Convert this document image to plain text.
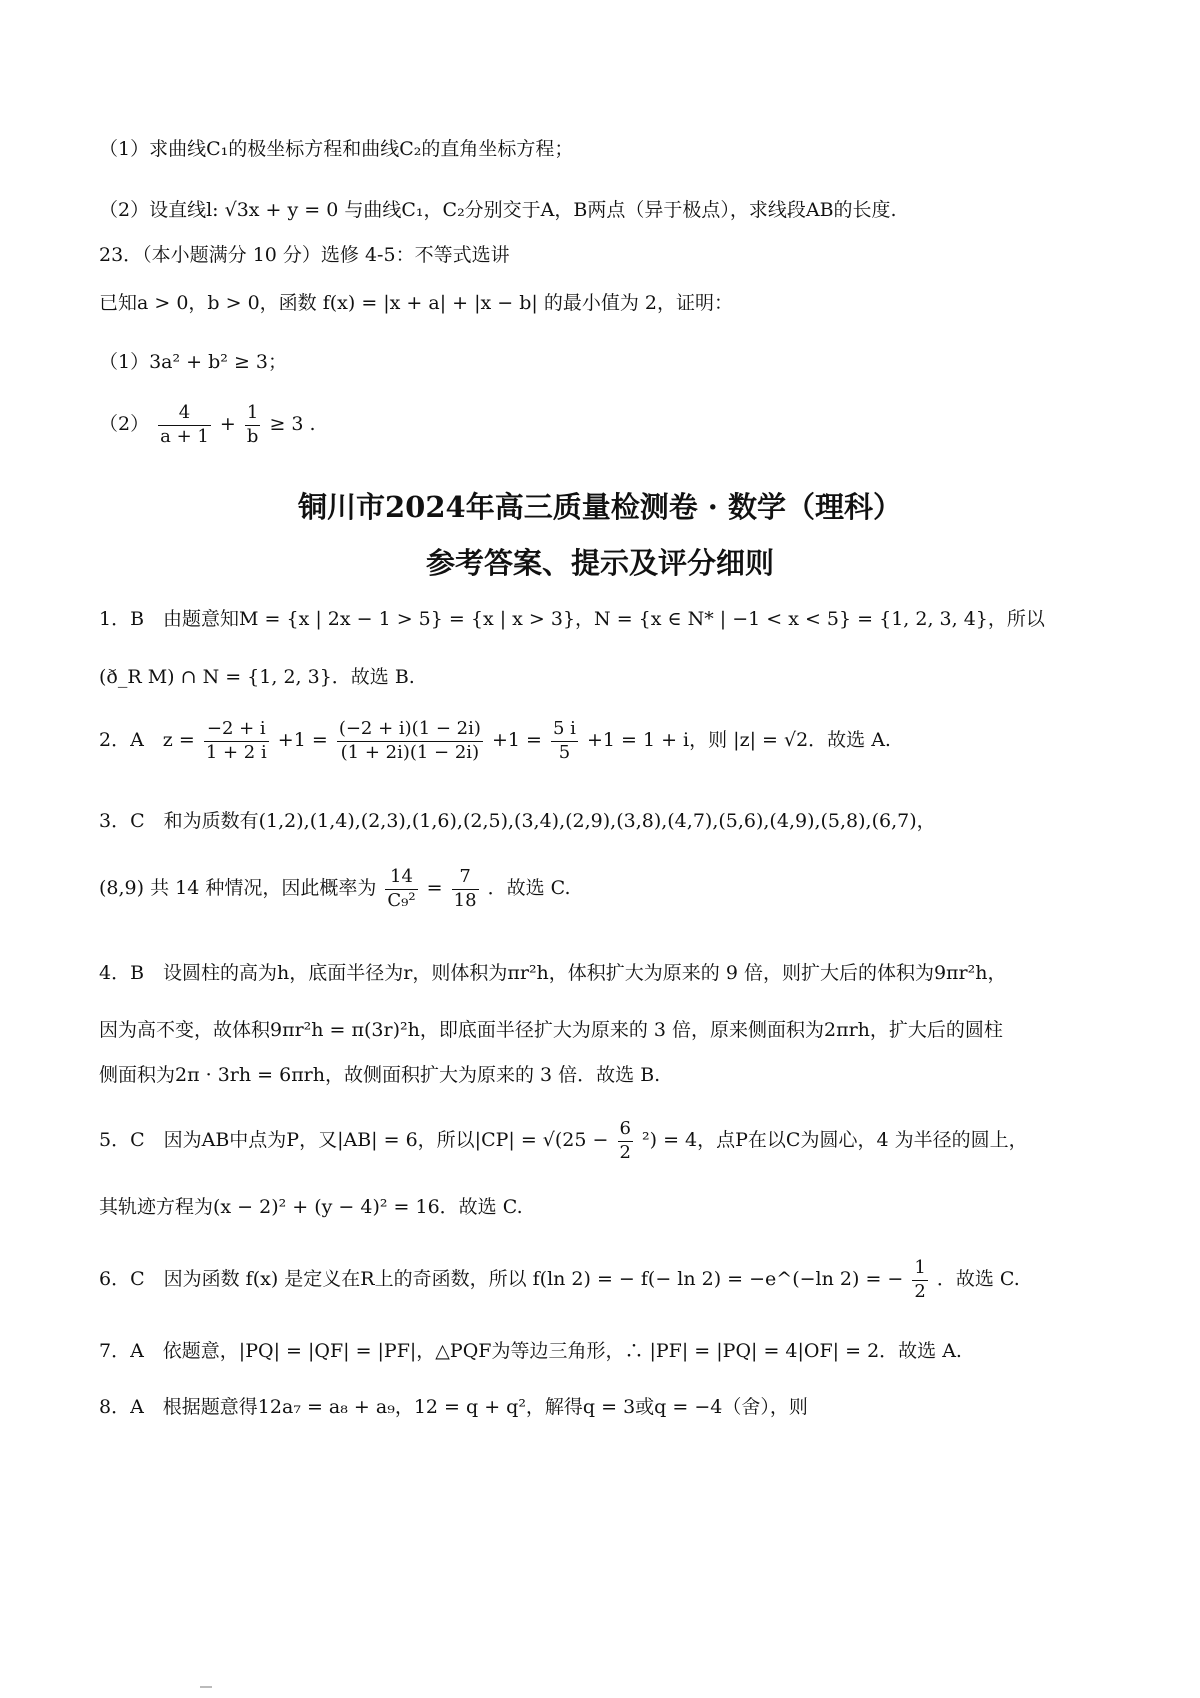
（1）求曲线C₁的极坐标方程和曲线C₂的直角坐标方程；
（2）设直线l: √3x + y = 0 与曲线C₁，C₂分别交于A，B两点（异于极点），求线段AB的长度.
23．（本小题满分 10 分）选修 4-5：不等式选讲
已知a > 0，b > 0，函数 f(x) = |x + a| + |x − b| 的最小值为 2，证明：
（1）3a² + b² ≥ 3；
$(2) \frac{4}{a + 1} + \frac{1}{b} \ge 3$ .
铜川市2024年高三质量检测卷 · 数学（理科）
参考答案、提示及评分细则
1．B　由题意知M = {x | 2x − 1 > 5} = {x | x > 3}，N = {x ∈ N* | −1 < x < 5} = {1, 2, 3, 4}，所以
(ð_R M) ∩ N = {1, 2, 3}．故选 B.
2．A　$z = \frac{-2 + i}{1 + 2 i} +1 = \frac{(-2 + i)(1 - 2i)}{(1 + 2i)(1 - 2i)} +1 = \frac{5 i}{5} +1 = 1 + i$，则 |z| = √2．故选 A.
3．C　和为质数有(1,2),(1,4),(2,3),(1,6),(2,5),(3,4),(2,9),(3,8),(4,7),(5,6),(4,9),(5,8),(6,7)，
(8,9) 共 14 种情况，因此概率为 $\frac{14}{\text{C₉²}} = \frac{7}{18}$ ．故选 C.
4．B　设圆柱的高为h，底面半径为r，则体积为πr²h，体积扩大为原来的 9 倍，则扩大后的体积为9πr²h，
因为高不变，故体积9πr²h = π(3r)²h，即底面半径扩大为原来的 3 倍，原来侧面积为2πrh，扩大后的圆柱
侧面积为2π · 3rh = 6πrh，故侧面积扩大为原来的 3 倍．故选 B.
5．C　因为AB中点为P，又|AB| = 6，所以$|CP| = √(25 - \frac{6}{2} ^2) = 4$，点P在以C为圆心，4 为半径的圆上，
其轨迹方程为(x − 2)² + (y − 4)² = 16．故选 C.
6．C　因为函数 f(x) 是定义在R上的奇函数，所以 f(ln 2) = − f(− ln 2) = −e^(−ln 2) = − $\frac{1}{2}$ ．故选 C.
7．A　依题意，|PQ| = |QF| = |PF|，△PQF为等边三角形，∴ |PF| = |PQ| = 4|OF| = 2．故选 A.
8．A　根据题意得12a₇ = a₈ + a₉，12 = q + q²，解得q = 3或q = −4（舍），则
